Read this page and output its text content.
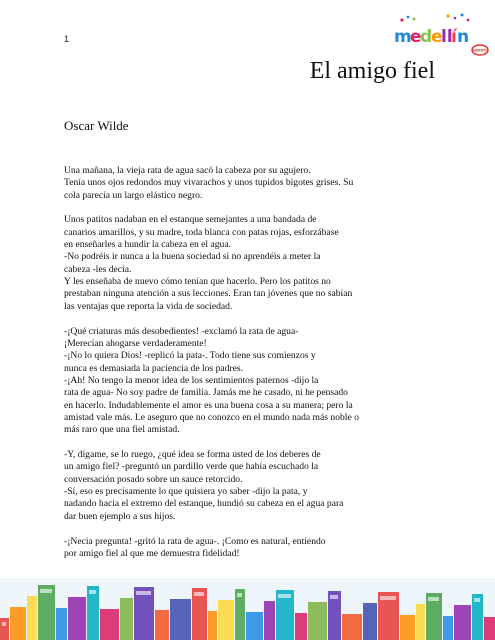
1	m
e
d
e
ll
í n
ABIERTO
El amigo fiel
Oscar Wilde

Una mañana, la vieja rata de agua sacó la cabeza por su agujero.
Tenía unos ojos redondos muy vivarachos y unos tupidos bigotes grises. Su
cola parecía un largo elástico negro.

Unos patitos nadaban en el estanque semejantes a una bandada de
canarios amarillos, y su madre, toda blanca con patas rojas, esforzábase
en enseñarles a hundir la cabeza en el agua.
-No podréis ir nunca a la buena sociedad si no aprendéis a meter la
cabeza -les decía.
Y les enseñaba de nuevo cómo tenían que hacerlo. Pero los patitos no
prestaban ninguna atención a sus lecciones. Eran tan jóvenes que no sabían
las ventajas que reporta la vida de sociedad.

-¡Qué criaturas más desobedientes! -exclamó la rata de agua-
¡Merecían ahogarse verdaderamente!
-¡No lo quiera Dios! -replicó la pata-. Todo tiene sus comienzos y
nunca es demasiada la paciencia de los padres.
-¡Ah! No tengo la menor idea de los sentimientos paternos -dijo la
rata de agua- No soy padre de familia. Jamás me he casado, ni he pensado
en hacerlo. Indudablemente el amor es una buena cosa a su manera; pero la
amistad vale más. Le aseguro que no conozco en el mundo nada más noble o
más raro que una fiel amistad.

-Y, dígame, se lo ruego, ¿qué idea se forma usted de los deberes de
un amigo fiel? -preguntó un pardillo verde que había escuchado la
conversación posado sobre un sauce retorcido.
-Sí, eso es precisamente lo que quisiera yo saber -dijo la pata, y
nadando hacia el extremo del estanque, hundió su cabeza en el agua para
dar buen ejemplo a sus hijos.

-¡Necia pregunta! -gritó la rata de agua-. ¡Como es natural, entiendo
por amigo fiel al que me demuestra fidelidad!
